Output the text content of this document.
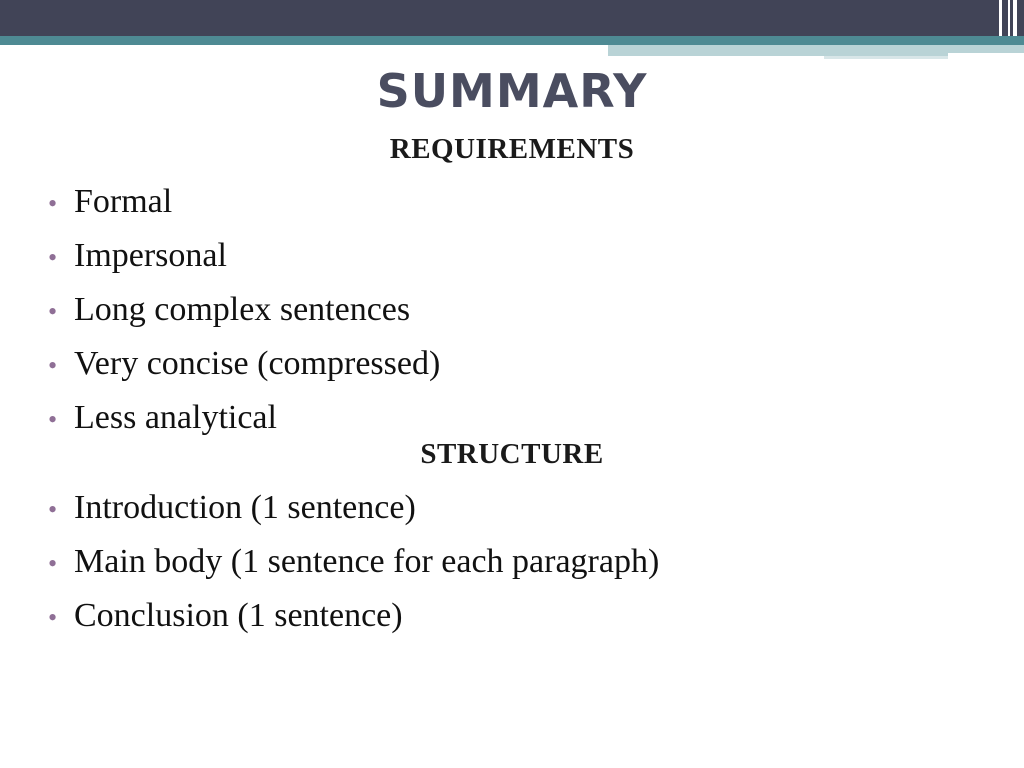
SUMMARY
REQUIREMENTS
• Formal
• Impersonal
• Long complex sentences
• Very concise (compressed)
• Less analytical
STRUCTURE
• Introduction (1 sentence)
• Main body (1 sentence for each paragraph)
• Conclusion (1 sentence)
